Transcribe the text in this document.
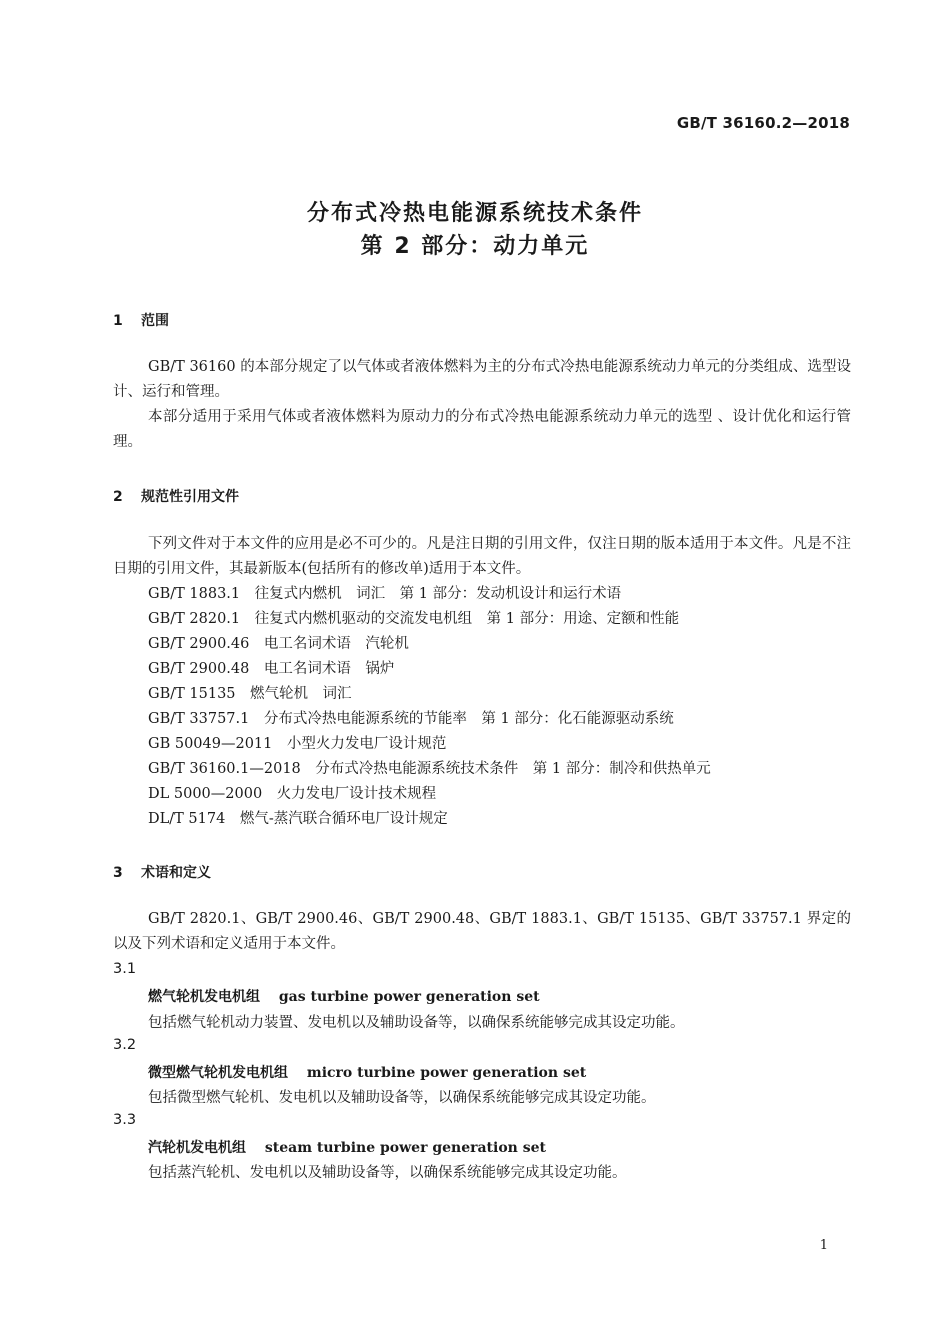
GB/T 36160.2—2018
分布式冷热电能源系统技术条件
第 2 部分：动力单元
1 范围
GB/T 36160 的本部分规定了以气体或者液体燃料为主的分布式冷热电能源系统动力单元的分类组成、选型设计、运行和管理。
本部分适用于采用气体或者液体燃料为原动力的分布式冷热电能源系统动力单元的选型 、设计优化和运行管理。
2 规范性引用文件
下列文件对于本文件的应用是必不可少的。凡是注日期的引用文件，仅注日期的版本适用于本文件。凡是不注日期的引用文件，其最新版本(包括所有的修改单)适用于本文件。
GB/T 1883.1　往复式内燃机　词汇　第 1 部分：发动机设计和运行术语
GB/T 2820.1　往复式内燃机驱动的交流发电机组　第 1 部分：用途、定额和性能
GB/T 2900.46　电工名词术语　汽轮机
GB/T 2900.48　电工名词术语　锅炉
GB/T 15135　燃气轮机　词汇
GB/T 33757.1　分布式冷热电能源系统的节能率　第 1 部分：化石能源驱动系统
GB 50049—2011　小型火力发电厂设计规范
GB/T 36160.1—2018　分布式冷热电能源系统技术条件　第 1 部分：制冷和供热单元
DL 5000—2000　火力发电厂设计技术规程
DL/T 5174　燃气-蒸汽联合循环电厂设计规定
3 术语和定义
GB/T 2820.1、GB/T 2900.46、GB/T 2900.48、GB/T 1883.1、GB/T 15135、GB/T 33757.1 界定的以及下列术语和定义适用于本文件。
3.1
燃气轮机发电机组　 gas turbine power generation set
包括燃气轮机动力装置、发电机以及辅助设备等，以确保系统能够完成其设定功能。
3.2
微型燃气轮机发电机组　 micro turbine power generation set
包括微型燃气轮机、发电机以及辅助设备等，以确保系统能够完成其设定功能。
3.3
汽轮机发电机组　 steam turbine power generation set
包括蒸汽轮机、发电机以及辅助设备等，以确保系统能够完成其设定功能。
1
